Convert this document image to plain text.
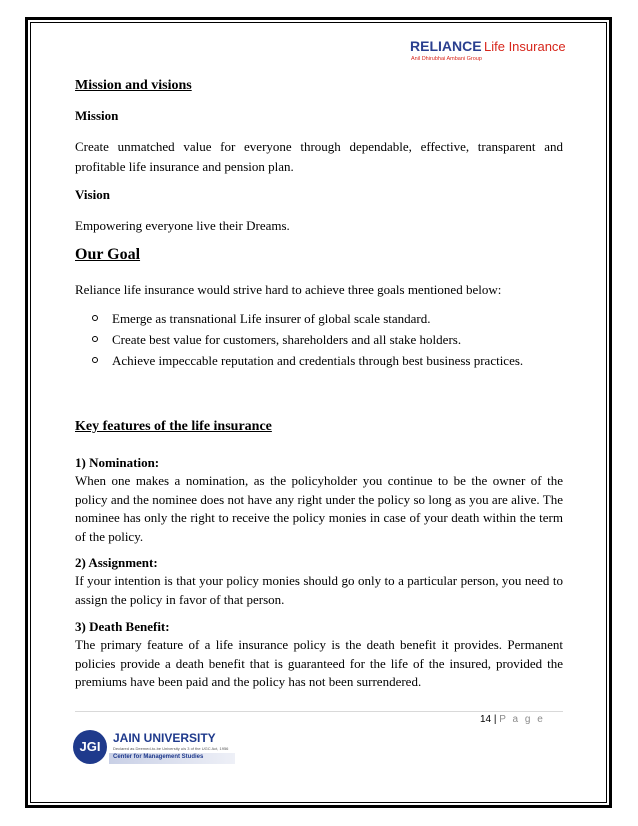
RELIANCE Life Insurance
Anil Dhirubhai Ambani Group
Mission and visions
Mission
Create unmatched value for everyone through dependable, effective, transparent and profitable life insurance and pension plan.
Vision
Empowering everyone live their Dreams.
Our Goal
Reliance life insurance would strive hard to achieve three goals mentioned below:
Emerge as transnational Life insurer of global scale standard.
Create best value for customers, shareholders and all stake holders.
Achieve impeccable reputation and credentials through best business practices.
Key features of the life insurance
1) Nomination:
When one makes a nomination, as the policyholder you continue to be the owner of the policy and the nominee does not have any right under the policy so long as you are alive. The nominee has only the right to receive the policy monies in case of your death within the term of the policy.
2) Assignment:
If your intention is that your policy monies should go only to a particular person, you need to assign the policy in favor of that person.
3) Death Benefit:
The primary feature of a life insurance policy is the death benefit it provides. Permanent policies provide a death benefit that is guaranteed for the life of the insured, provided the premiums have been paid and the policy has not been surrendered.
14 | P a g e
JGI
JAIN UNIVERSITY
Declared as Deemed-to-be University u/s 3 of the UGC Act, 1956
Center for Management Studies
